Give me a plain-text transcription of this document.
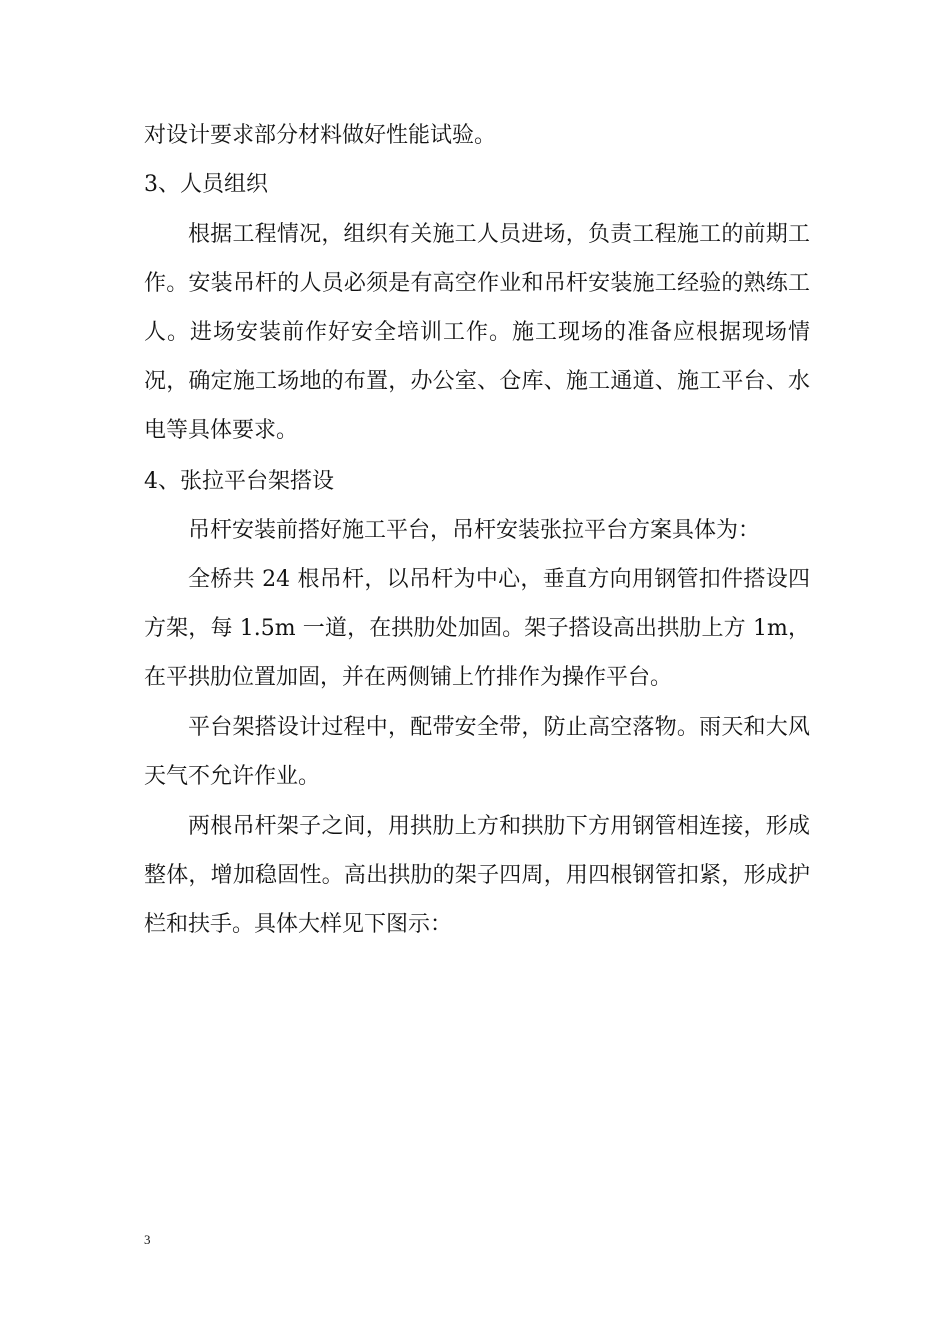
对设计要求部分材料做好性能试验。

3、人员组织

根据工程情况，组织有关施工人员进场，负责工程施工的前期工作。安装吊杆的人员必须是有高空作业和吊杆安装施工经验的熟练工人。进场安装前作好安全培训工作。施工现场的准备应根据现场情况，确定施工场地的布置，办公室、仓库、施工通道、施工平台、水电等具体要求。

4、张拉平台架搭设

吊杆安装前搭好施工平台，吊杆安装张拉平台方案具体为：

全桥共 24 根吊杆，以吊杆为中心，垂直方向用钢管扣件搭设四方架，每 1.5m 一道，在拱肋处加固。架子搭设高出拱肋上方 1m，在平拱肋位置加固，并在两侧铺上竹排作为操作平台。

平台架搭设计过程中，配带安全带，防止高空落物。雨天和大风天气不允许作业。

两根吊杆架子之间，用拱肋上方和拱肋下方用钢管相连接，形成整体，增加稳固性。高出拱肋的架子四周，用四根钢管扣紧，形成护栏和扶手。具体大样见下图示：

3
